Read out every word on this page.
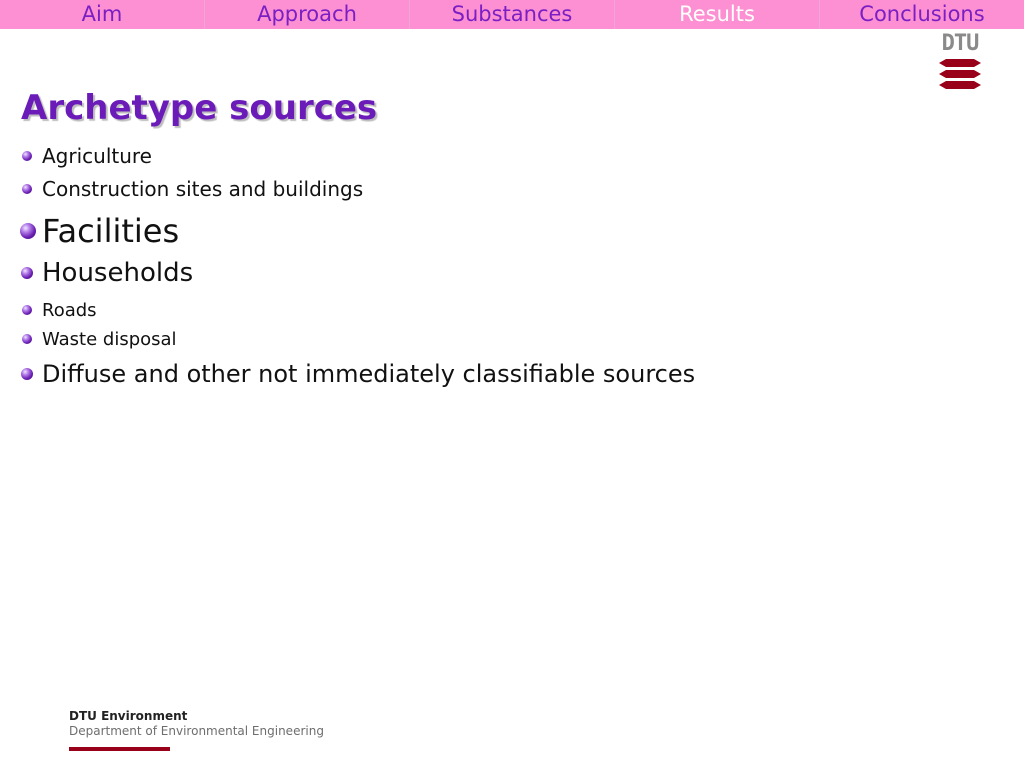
Aim	Approach	Substances	Results	Conclusions
DTU
Archetype sources
Agriculture
Construction sites and buildings
Facilities
Households
Roads
Waste disposal
Diffuse and other not immediately classifiable sources
DTU Environment
Department of Environmental Engineering
